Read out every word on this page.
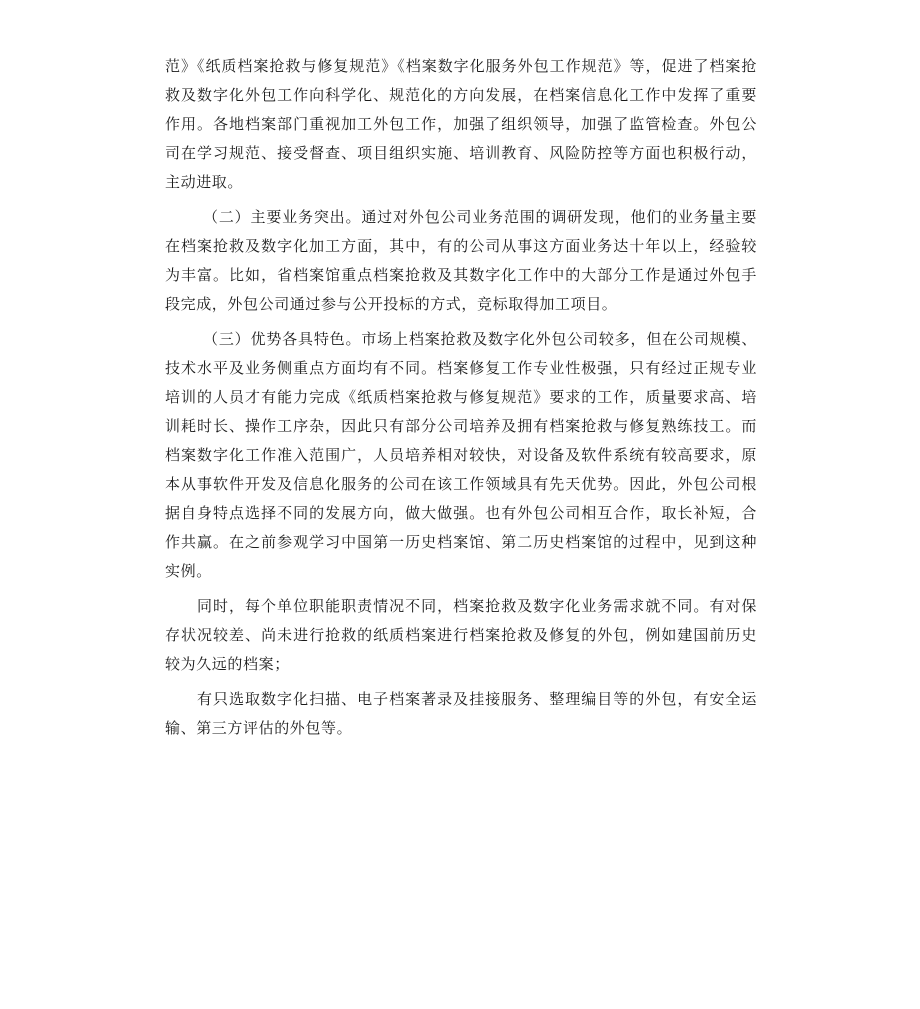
范》《纸质档案抢救与修复规范》《档案数字化服务外包工作规范》等，促进了档案抢救及数字化外包工作向科学化、规范化的方向发展，在档案信息化工作中发挥了重要作用。各地档案部门重视加工外包工作，加强了组织领导，加强了监管检查。外包公司在学习规范、接受督查、项目组织实施、培训教育、风险防控等方面也积极行动，主动进取。

（二）主要业务突出。通过对外包公司业务范围的调研发现，他们的业务量主要在档案抢救及数字化加工方面，其中，有的公司从事这方面业务达十年以上，经验较为丰富。比如，省档案馆重点档案抢救及其数字化工作中的大部分工作是通过外包手段完成，外包公司通过参与公开投标的方式，竞标取得加工项目。

（三）优势各具特色。市场上档案抢救及数字化外包公司较多，但在公司规模、技术水平及业务侧重点方面均有不同。档案修复工作专业性极强，只有经过正规专业培训的人员才有能力完成《纸质档案抢救与修复规范》要求的工作，质量要求高、培训耗时长、操作工序杂，因此只有部分公司培养及拥有档案抢救与修复熟练技工。而档案数字化工作准入范围广，人员培养相对较快，对设备及软件系统有较高要求，原本从事软件开发及信息化服务的公司在该工作领域具有先天优势。因此，外包公司根据自身特点选择不同的发展方向，做大做强。也有外包公司相互合作，取长补短，合作共赢。在之前参观学习中国第一历史档案馆、第二历史档案馆的过程中，见到这种实例。

同时，每个单位职能职责情况不同，档案抢救及数字化业务需求就不同。有对保存状况较差、尚未进行抢救的纸质档案进行档案抢救及修复的外包，例如建国前历史较为久远的档案；

有只选取数字化扫描、电子档案著录及挂接服务、整理编目等的外包，有安全运输、第三方评估的外包等。
